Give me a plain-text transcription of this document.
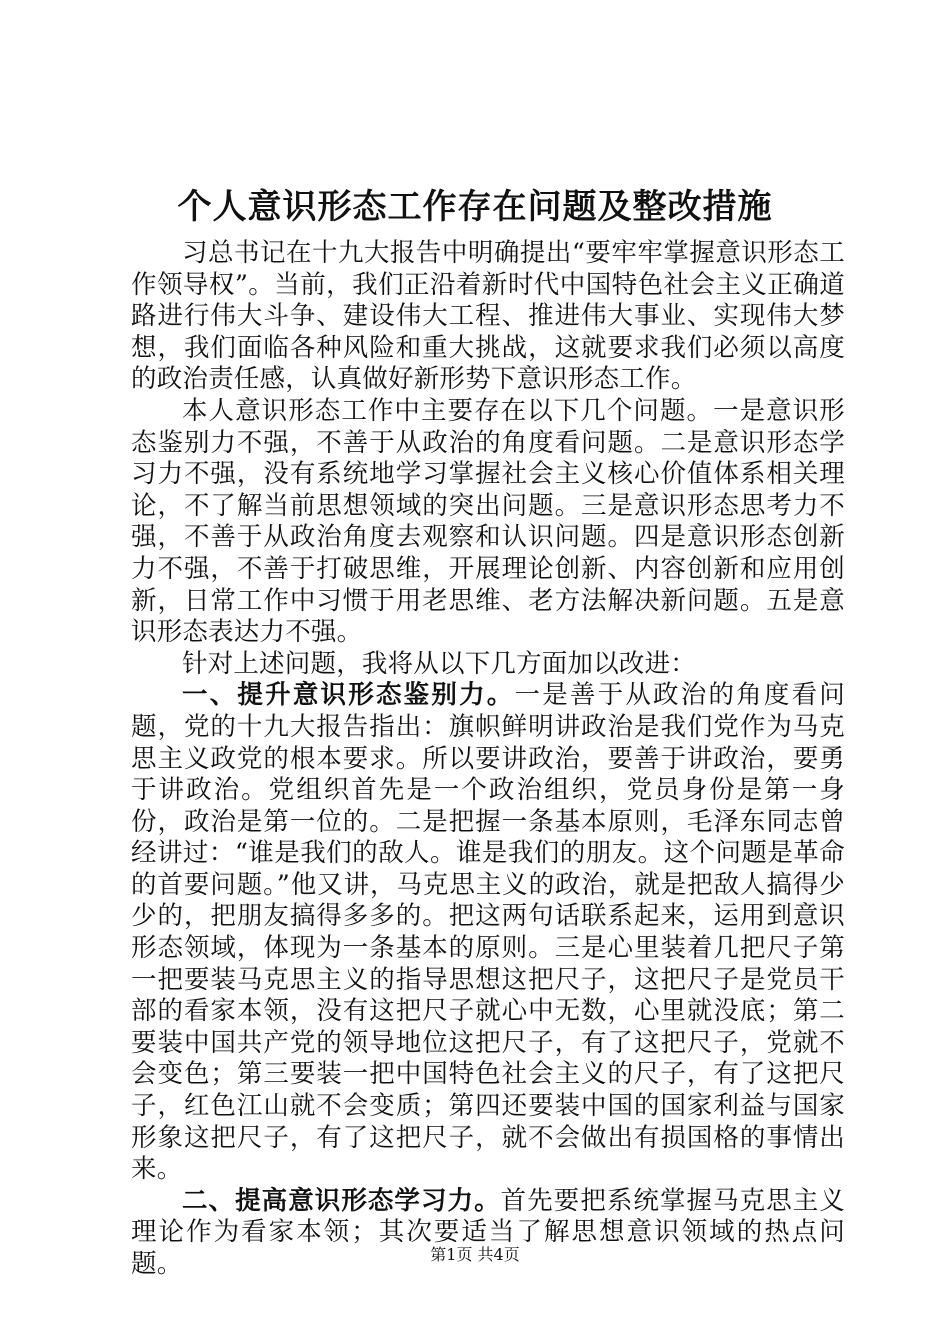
个人意识形态工作存在问题及整改措施

习总书记在十九大报告中明确提出“要牢牢掌握意识形态工作领导权”。当前，我们正沿着新时代中国特色社会主义正确道路进行伟大斗争、建设伟大工程、推进伟大事业、实现伟大梦想，我们面临各种风险和重大挑战，这就要求我们必须以高度的政治责任感，认真做好新形势下意识形态工作。

本人意识形态工作中主要存在以下几个问题。一是意识形态鉴别力不强，不善于从政治的角度看问题。二是意识形态学习力不强，没有系统地学习掌握社会主义核心价值体系相关理论，不了解当前思想领域的突出问题。三是意识形态思考力不强，不善于从政治角度去观察和认识问题。四是意识形态创新力不强，不善于打破思维，开展理论创新、内容创新和应用创新，日常工作中习惯于用老思维、老方法解决新问题。五是意识形态表达力不强。

针对上述问题，我将从以下几方面加以改进：

一、提升意识形态鉴别力。一是善于从政治的角度看问题，党的十九大报告指出：旗帜鲜明讲政治是我们党作为马克思主义政党的根本要求。所以要讲政治，要善于讲政治，要勇于讲政治。党组织首先是一个政治组织，党员身份是第一身份，政治是第一位的。二是把握一条基本原则，毛泽东同志曾经讲过：“谁是我们的敌人。谁是我们的朋友。这个问题是革命的首要问题。”他又讲，马克思主义的政治，就是把敌人搞得少少的，把朋友搞得多多的。把这两句话联系起来，运用到意识形态领域，体现为一条基本的原则。三是心里装着几把尺子第一把要装马克思主义的指导思想这把尺子，这把尺子是党员干部的看家本领，没有这把尺子就心中无数，心里就没底；第二要装中国共产党的领导地位这把尺子，有了这把尺子，党就不会变色；第三要装一把中国特色社会主义的尺子，有了这把尺子，红色江山就不会变质；第四还要装中国的国家利益与国家形象这把尺子，有了这把尺子，就不会做出有损国格的事情出来。

二、提高意识形态学习力。首先要把系统掌握马克思主义理论作为看家本领；其次要适当了解思想意识领域的热点问题。	第1页 共4页
